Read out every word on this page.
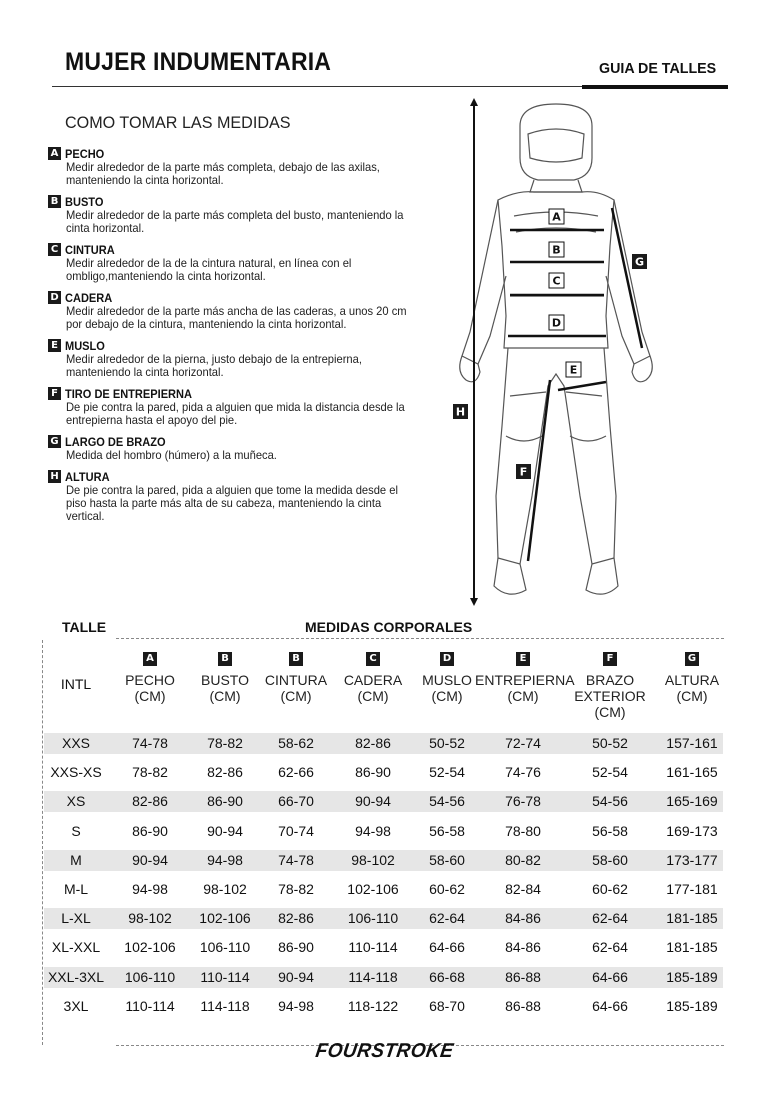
MUJER INDUMENTARIA	GUIA DE TALLES
COMO TOMAR LAS MEDIDAS
A PECHO
Medir alrededor de la parte más completa, debajo de las axilas,
manteniendo la cinta horizontal.
B BUSTO
Medir alrededor de la parte más completa del busto, manteniendo la
cinta horizontal.
C CINTURA
Medir alrededor de la de la cintura natural, en línea con el
ombligo,manteniendo la cinta horizontal.
D CADERA
Medir alrededor de la parte más ancha de las caderas, a unos 20 cm
por debajo de la cintura, manteniendo la cinta horizontal.
E MUSLO
Medir alrededor de la pierna, justo debajo de la entrepierna,
manteniendo la cinta horizontal.
F TIRO DE ENTREPIERNA
De pie contra la pared, pida a alguien que mida la distancia desde la
entrepierna hasta el apoyo del pie.
G LARGO DE BRAZO
Medida del hombro (húmero) a la muñeca.
H ALTURA
De pie contra la pared, pida a alguien que tome la medida desde el
piso hasta la parte más alta de su cabeza, manteniendo la cinta
vertical.
A
B
C
D
E
F
G
H
TALLE	MEDIDAS CORPORALES
INTL
A
PECHO
(CM)
B
BUSTO
(CM)
B
CINTURA
(CM)
C
CADERA
(CM)
D
MUSLO
(CM)
E
ENTREPIERNA
(CM)
F
BRAZO
EXTERIOR
(CM)
G
ALTURA
(CM)
XXS	74-78	78-82	58-62	82-86	50-52	72-74	50-52	157-161
XXS-XS	78-82	82-86	62-66	86-90	52-54	74-76	52-54	161-165
XS	82-86	86-90	66-70	90-94	54-56	76-78	54-56	165-169
S	86-90	90-94	70-74	94-98	56-58	78-80	56-58	169-173
M	90-94	94-98	74-78	98-102	58-60	80-82	58-60	173-177
M-L	94-98	98-102	78-82	102-106	60-62	82-84	60-62	177-181
L-XL	98-102	102-106	82-86	106-110	62-64	84-86	62-64	181-185
XL-XXL	102-106	106-110	86-90	110-114	64-66	84-86	62-64	181-185
XXL-3XL	106-110	110-114	90-94	114-118	66-68	86-88	64-66	185-189
3XL	110-114	114-118	94-98	118-122	68-70	86-88	64-66	185-189
FOURSTROKE
